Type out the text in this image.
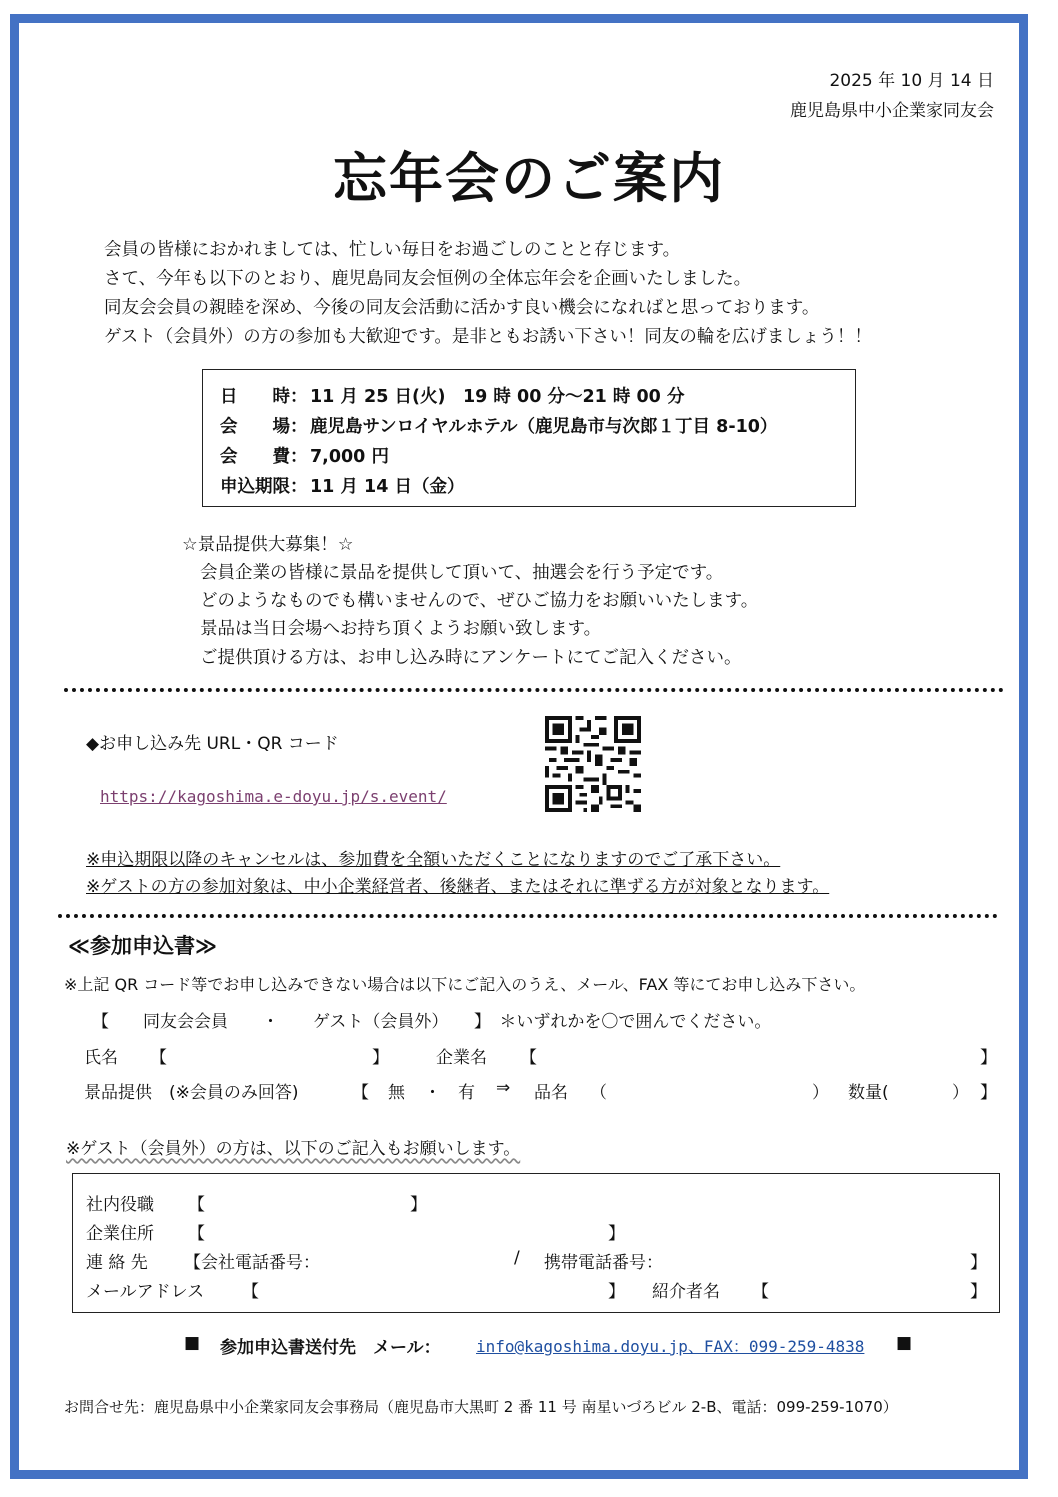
2025 年 10 月 14 日
鹿児島県中小企業家同友会
忘年会のご案内
会員の皆様におかれましては、忙しい毎日をお過ごしのことと存じます。
さて、今年も以下のとおり、鹿児島同友会恒例の全体忘年会を企画いたしました。
同友会会員の親睦を深め、今後の同友会活動に活かす良い機会になればと思っております。
ゲスト（会員外）の方の参加も大歓迎です。是非ともお誘い下さい！同友の輪を広げましょう！！
日　　時： 11 月 25 日(火)　19 時 00 分～21 時 00 分
会　　場： 鹿児島サンロイヤルホテル（鹿児島市与次郎１丁目 8-10）
会　　費： 7,000 円
申込期限： 11 月 14 日（金）
☆景品提供大募集！☆
会員企業の皆様に景品を提供して頂いて、抽選会を行う予定です。
どのようなものでも構いませんので、ぜひご協力をお願いいたします。
景品は当日会場へお持ち頂くようお願い致します。
ご提供頂ける方は、お申し込み時にアンケートにてご記入ください。
◆お申し込み先 URL・QR コード
https://kagoshima.e-doyu.jp/s.event/
※申込期限以降のキャンセルは、参加費を全額いただくことになりますのでご了承下さい。
※ゲストの方の参加対象は、中小企業経営者、後継者、またはそれに準ずる方が対象となります。
≪参加申込書≫
※上記 QR コード等でお申し込みできない場合は以下にご記入のうえ、メール、FAX 等にてお申し込み下さい。
【　　同友会会員　　・　　ゲスト（会員外）　　】　＊いずれかを〇で囲んでください。
氏名 【	】	企業名 【	】
景品提供　(※会員のみ回答)	【 無 ・ 有 ⇒ 品名 （	） 数量(	） 】
※ゲスト（会員外）の方は、以下のご記入もお願いします。
社内役職 【	】
企業住所 【	】
連 絡 先 【会社電話番号：	/ 携帯電話番号：	】
メールアドレス 【	】 紹介者名 【	】
■ 参加申込書送付先　メール： info@kagoshima.doyu.jp、FAX：099-259-4838 ■
お問合せ先：鹿児島県中小企業家同友会事務局（鹿児島市大黒町 2 番 11 号 南星いづろビル 2-B、電話：099-259-1070）
